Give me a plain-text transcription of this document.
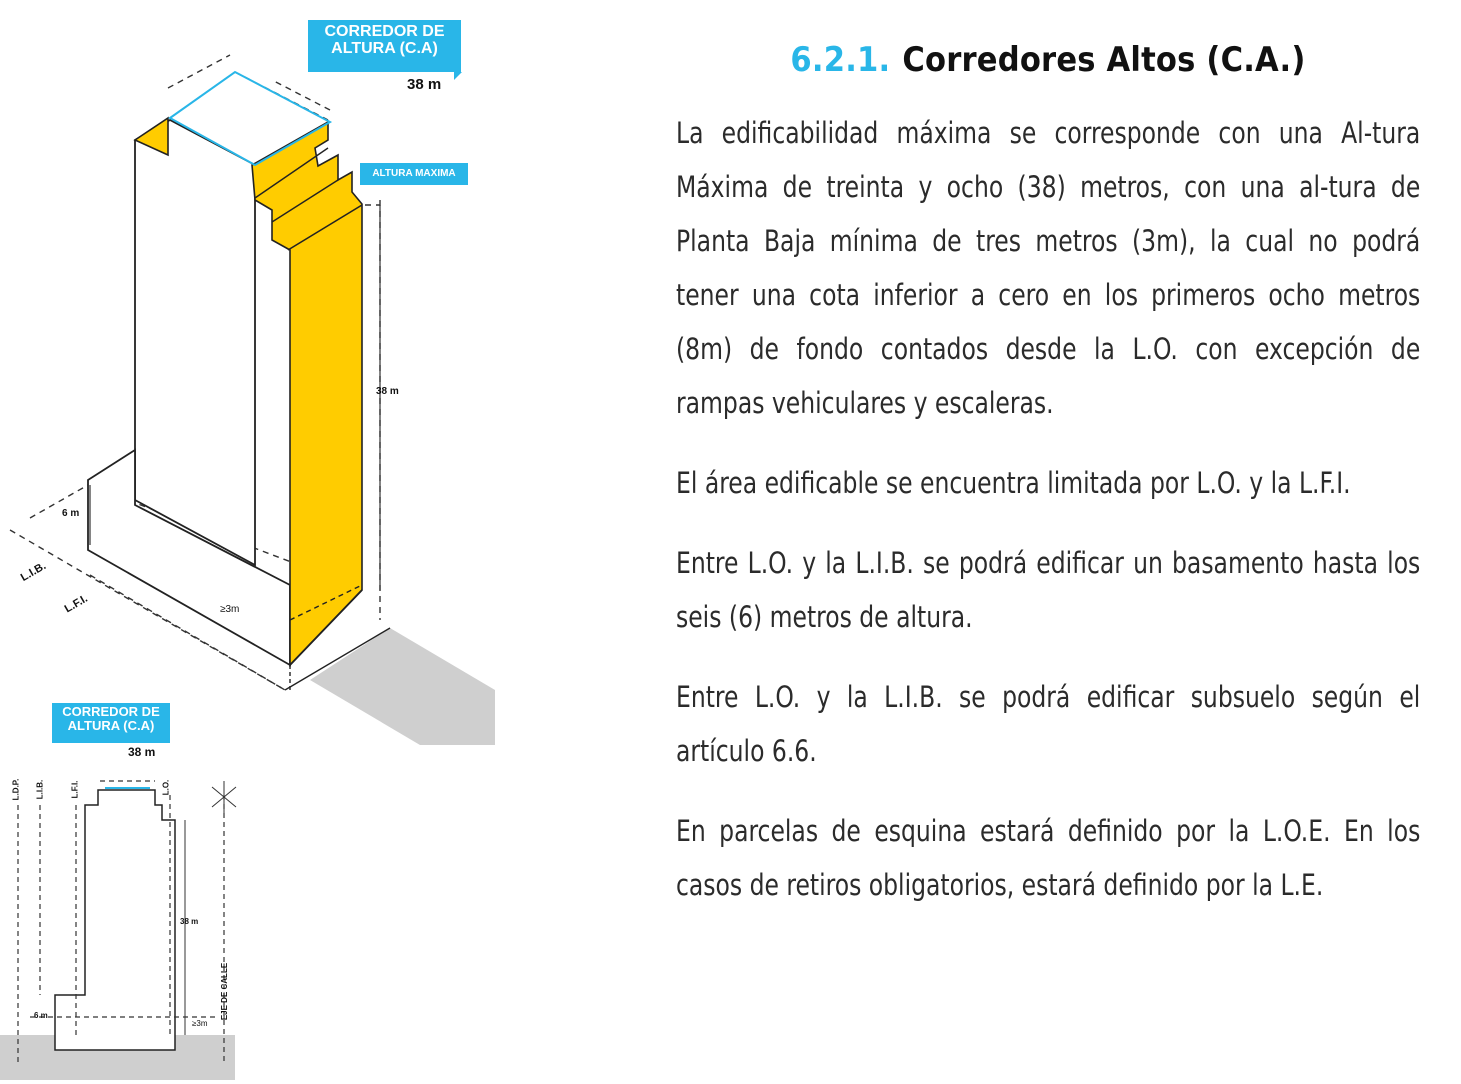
CORREDOR DE
ALTURA (C.A)
38 m
ALTURA MAXIMA
38 m
6 m
≥3m
L.I.B.
L.F.I.
CORREDOR DE
ALTURA (C.A)
38 m
L.D.P. L.I.B.	L.F.I.	L.O.
38 m
6 m
≥3m
EJE DE CALLE
6.2.1. Corredores Altos (C.A.)

La edificabilidad máxima se corresponde con una Al-tura Máxima de treinta y ocho (38) metros, con una al-tura de Planta Baja mínima de tres metros (3m), la cual no podrá tener una cota inferior a cero en los primeros ocho metros (8m) de fondo contados desde la L.O. con excepción de rampas vehiculares y escaleras.

El área edificable se encuentra limitada por L.O. y la L.F.I.

Entre L.O. y la L.I.B. se podrá edificar un basamento hasta los seis (6) metros de altura.

Entre L.O. y la L.I.B. se podrá edificar subsuelo según el artículo 6.6.

En parcelas de esquina estará definido por la L.O.E. En los casos de retiros obligatorios, estará definido por la L.E.
